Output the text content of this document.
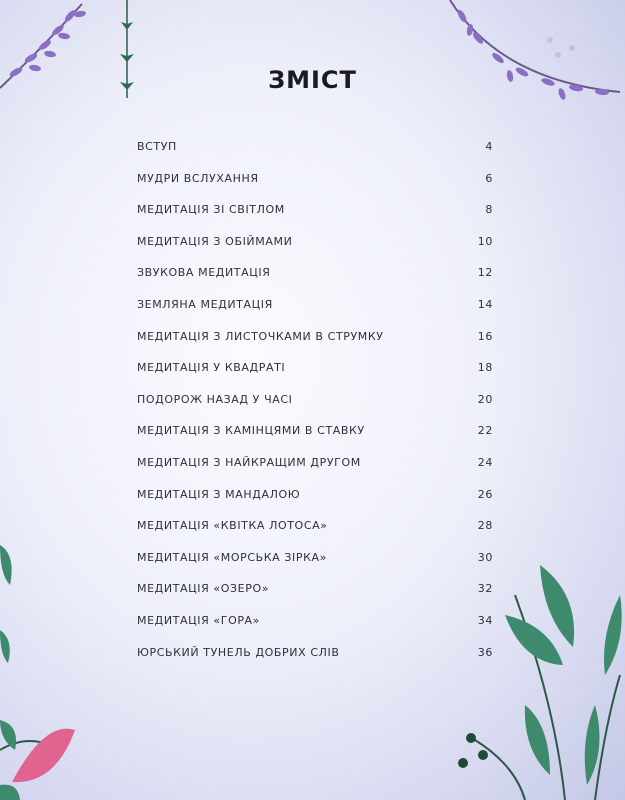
ЗМІСТ
ВСТУП	4
МУДРИ ВСЛУХАННЯ	6
МЕДИТАЦІЯ ЗІ СВІТЛОМ	8
МЕДИТАЦІЯ З ОБІЙМАМИ	10
ЗВУКОВА МЕДИТАЦІЯ	12
ЗЕМЛЯНА МЕДИТАЦІЯ	14
МЕДИТАЦІЯ З ЛИСТОЧКАМИ В СТРУМКУ	16
МЕДИТАЦІЯ У КВАДРАТІ	18
ПОДОРОЖ НАЗАД У ЧАСІ	20
МЕДИТАЦІЯ З КАМІНЦЯМИ В СТАВКУ	22
МЕДИТАЦІЯ З НАЙКРАЩИМ ДРУГОМ	24
МЕДИТАЦІЯ З МАНДАЛОЮ	26
МЕДИТАЦІЯ «КВІТКА ЛОТОСА»	28
МЕДИТАЦІЯ «МОРСЬКА ЗІРКА»	30
МЕДИТАЦІЯ «ОЗЕРО»	32
МЕДИТАЦІЯ «ГОРА»	34
ЮРСЬКИЙ ТУНЕЛЬ ДОБРИХ СЛІВ	36
